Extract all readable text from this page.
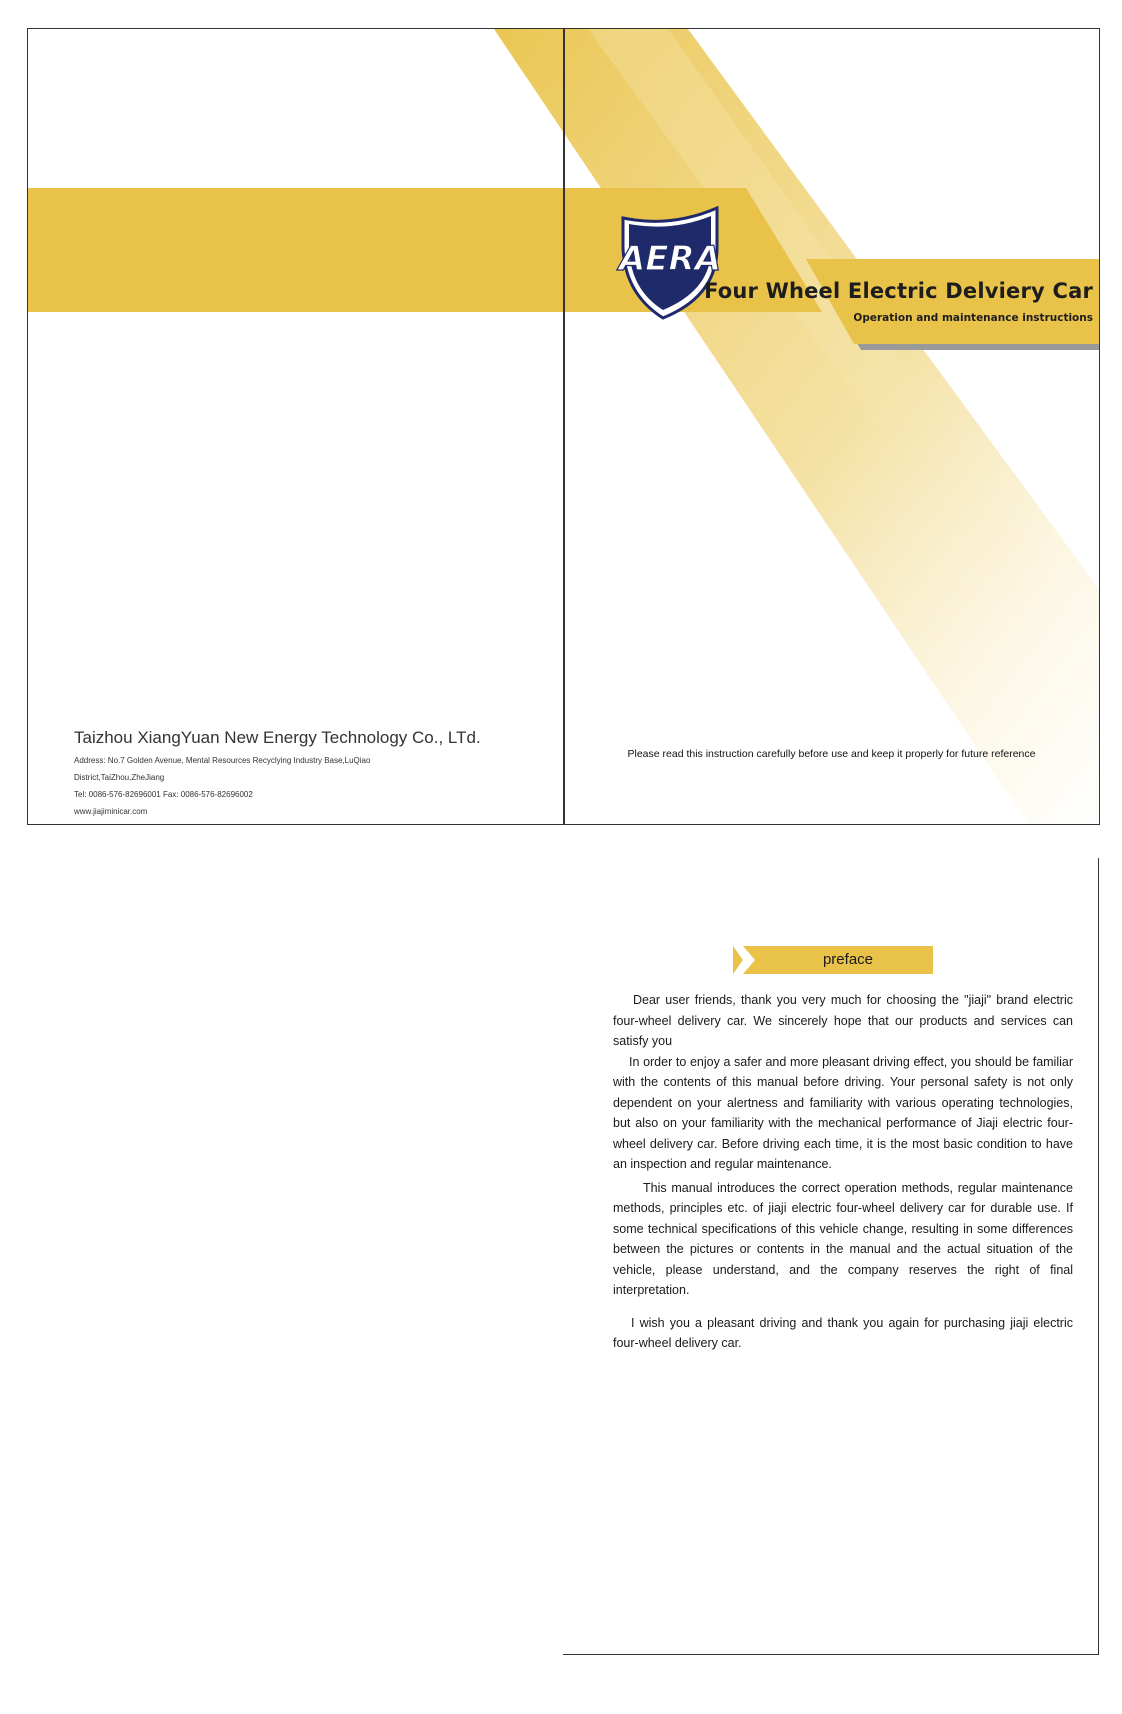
AERA
Four Wheel Electric Delviery Car
Operation and maintenance instructions
Taizhou XiangYuan New Energy Technology Co., LTd.
Address: No.7 Golden Avenue, Mental Resources Recyclying Industry Base,LuQiao
District,TaiZhou,ZheJiang
Tel: 0086-576-82696001 Fax: 0086-576-82696002
www.jiajiminicar.com
Please read this instruction carefully before use and keep it properly for future reference
preface

Dear user friends, thank you very much for choosing the "jiaji" brand electric four-wheel delivery car. We sincerely hope that our products and services can satisfy you

In order to enjoy a safer and more pleasant driving effect, you should be familiar with the contents of this manual before driving. Your personal safety is not only dependent on your alertness and familiarity with various operating technologies, but also on your familiarity with the mechanical performance of Jiaji electric four-wheel delivery car. Before driving each time, it is the most basic condition to have an inspection and regular maintenance.

This manual introduces the correct operation methods, regular maintenance methods, principles etc. of jiaji electric four-wheel delivery car for durable use. If some technical specifications of this vehicle change, resulting in some differences between the pictures or contents in the manual and the actual situation of the vehicle, please understand, and the company reserves the right of final interpretation.

I wish you a pleasant driving and thank you again for purchasing jiaji electric four-wheel delivery car.
